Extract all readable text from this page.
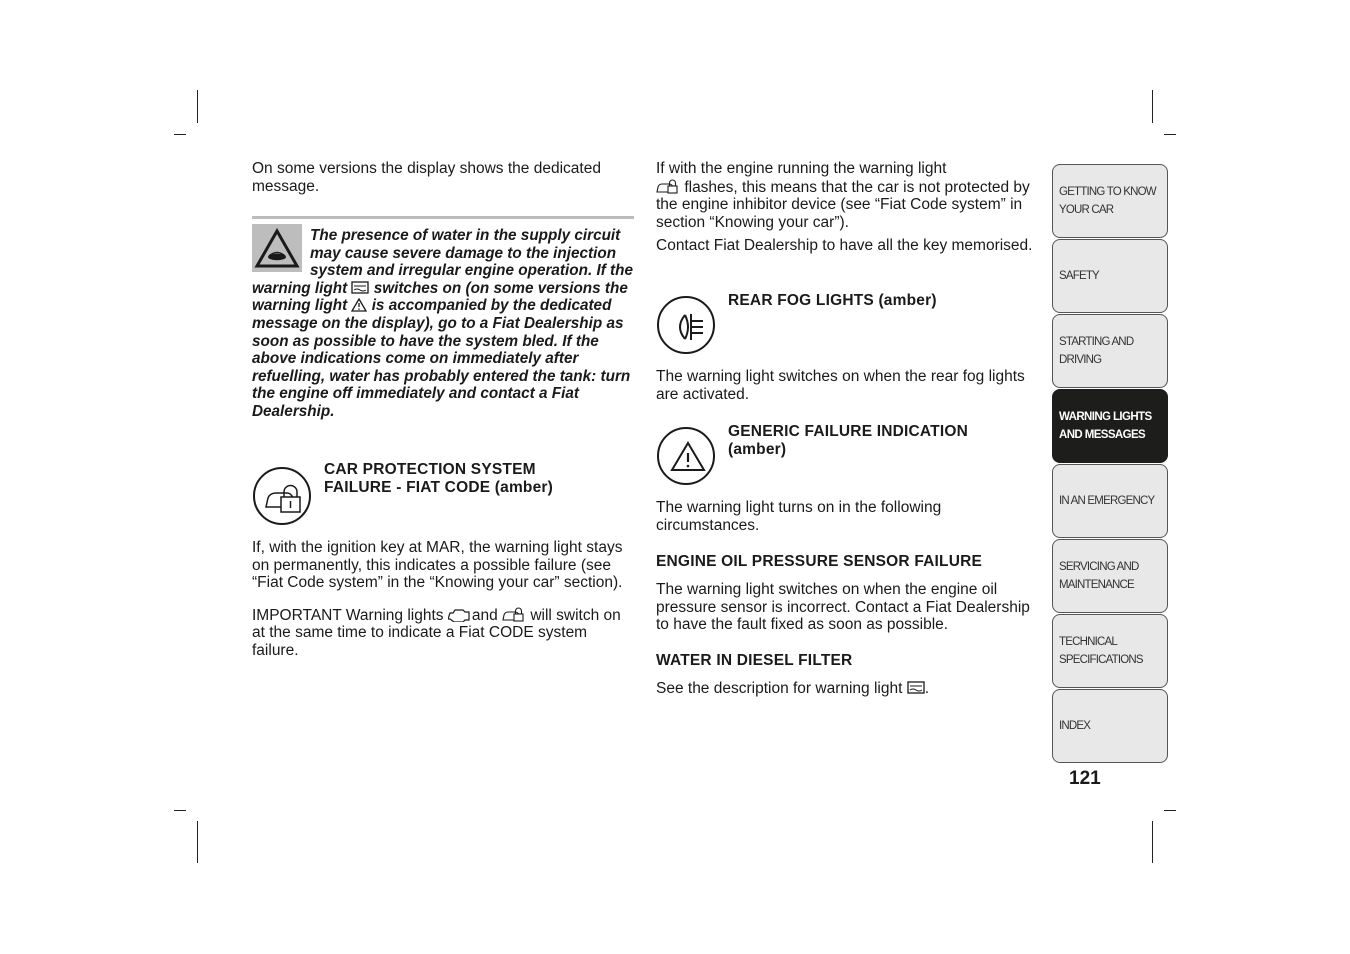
On some versions the display shows the dedicated message.

The presence of water in the supply circuit may cause severe damage to the injection system and irregular engine operation. If the warning light switches on (on some versions the warning light is accompanied by the dedicated message on the display), go to a Fiat Dealership as soon as possible to have the system bled. If the above indications come on immediately after refuelling, water has probably entered the tank: turn the engine off immediately and contact a Fiat Dealership.
CAR PROTECTION SYSTEM
FAILURE - FIAT CODE (amber)

If, with the ignition key at MAR, the warning light stays on permanently, this indicates a possible failure (see “Fiat Code system” in the “Knowing your car” section).

IMPORTANT Warning lights and will switch on at the same time to indicate a Fiat CODE system failure.

If with the engine running the warning light
flashes, this means that the car is not protected by the engine inhibitor device (see “Fiat Code system” in section “Knowing your car”).

Contact Fiat Dealership to have all the key memorised.

REAR FOG LIGHTS (amber)
The warning light switches on when the rear fog lights are activated.
GENERIC FAILURE INDICATION
(amber)
The warning light turns on in the following circumstances.
ENGINE OIL PRESSURE SENSOR FAILURE
The warning light switches on when the engine oil pressure sensor is incorrect. Contact a Fiat Dealership to have the fault fixed as soon as possible.
WATER IN DIESEL FILTER
See the description for warning light .
GETTING TO KNOW
YOUR CAR
SAFETY
STARTING AND
DRIVING
WARNING LIGHTS
AND MESSAGES
IN AN EMERGENCY
SERVICING AND
MAINTENANCE
TECHNICAL
SPECIFICATIONS
INDEX
121
